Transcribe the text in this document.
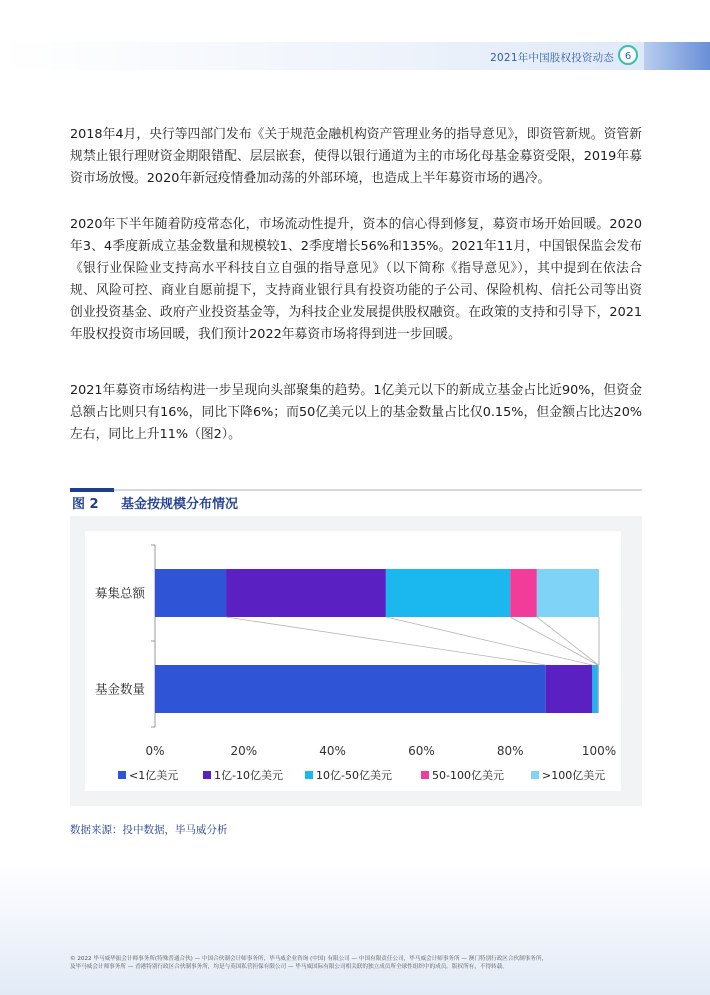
2021年中国股权投资动态	6
2018年4月，央行等四部门发布《关于规范金融机构资产管理业务的指导意见》，即资管新规。资管新规禁止银行理财资金期限错配、层层嵌套，使得以银行通道为主的市场化母基金募资受限，2019年募资市场放慢。2020年新冠疫情叠加动荡的外部环境，也造成上半年募资市场的遇冷。
2020年下半年随着防疫常态化，市场流动性提升，资本的信心得到修复，募资市场开始回暖。2020年3、4季度新成立基金数量和规模较1、2季度增长56%和135%。2021年11月，中国银保监会发布《银行业保险业支持高水平科技自立自强的指导意见》（以下简称《指导意见》），其中提到在依法合规、风险可控、商业自愿前提下，支持商业银行具有投资功能的子公司、保险机构、信托公司等出资创业投资基金、政府产业投资基金等，为科技企业发展提供股权融资。在政策的支持和引导下，2021年股权投资市场回暖，我们预计2022年募资市场将得到进一步回暖。
2021年募资市场结构进一步呈现向头部聚集的趋势。1亿美元以下的新成立基金占比近90%，但资金总额占比则只有16%，同比下降6%；而50亿美元以上的基金数量占比仅0.15%，但金额占比达20%左右，同比上升11%（图2）。
图 2 基金按规模分布情况
募集总额
基金数量
0%	20%	40%	60%	80%	100%
<1亿美元	1亿-10亿美元	10亿-50亿美元	50-100亿美元	>100亿美元
数据来源：投中数据，毕马威分析
© 2022 毕马威华振会计师事务所(特殊普通合伙) — 中国合伙制会计师事务所，毕马威企业咨询 (中国) 有限公司 — 中国有限责任公司，毕马威会计师事务所 — 澳门特别行政区合伙制事务所，
及毕马威会计师事务所 — 香港特别行政区合伙制事务所，均是与英国私营担保有限公司 — 毕马威国际有限公司相关联的独立成员所全球性组织中的成员。版权所有，不得转载。
